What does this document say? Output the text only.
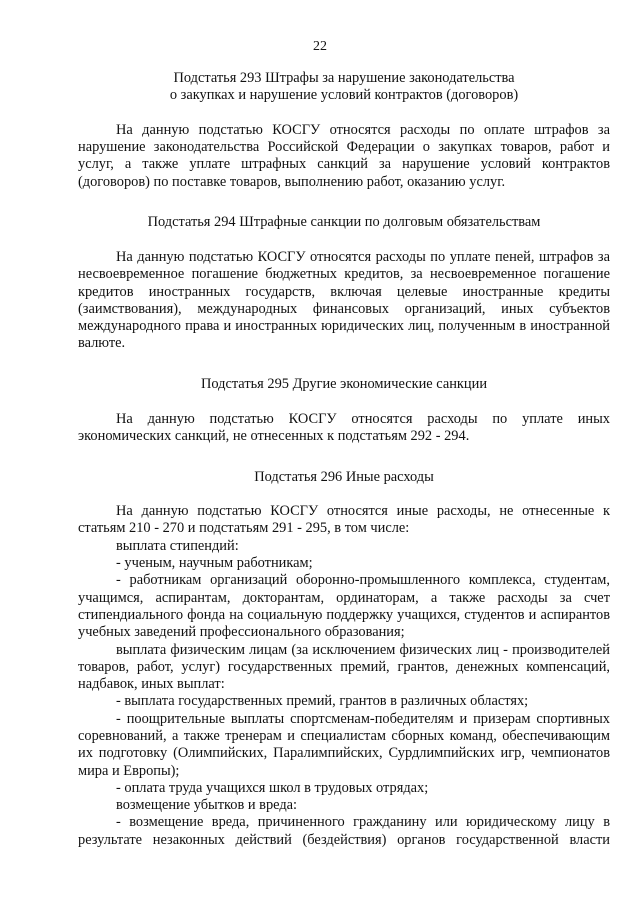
22
Подстатья 293 Штрафы за нарушение законодательства
о закупках и нарушение условий контрактов (договоров)

На данную подстатью КОСГУ относятся расходы по оплате штрафов за нарушение законодательства Российской Федерации о закупках товаров, работ и услуг, а также уплате штрафных санкций за нарушение условий контрактов (договоров) по поставке товаров, выполнению работ, оказанию услуг.

Подстатья 294 Штрафные санкции по долговым обязательствам

На данную подстатью КОСГУ относятся расходы по уплате пеней, штрафов за несвоевременное погашение бюджетных кредитов, за несвоевременное погашение кредитов иностранных государств, включая целевые иностранные кредиты (заимствования), международных финансовых организаций, иных субъектов международного права и иностранных юридических лиц, полученным в иностранной валюте.

Подстатья 295 Другие экономические санкции

На данную подстатью КОСГУ относятся расходы по уплате иных экономических санкций, не отнесенных к подстатьям 292 - 294.

Подстатья 296 Иные расходы

На данную подстатью КОСГУ относятся иные расходы, не отнесенные к статьям 210 - 270 и подстатьям 291 - 295, в том числе:

выплата стипендий:

- ученым, научным работникам;

- работникам организаций оборонно-промышленного комплекса, студентам, учащимся, аспирантам, докторантам, ординаторам, а также расходы за счет стипендиального фонда на социальную поддержку учащихся, студентов и аспирантов учебных заведений профессионального образования;

выплата физическим лицам (за исключением физических лиц - производителей товаров, работ, услуг) государственных премий, грантов, денежных компенсаций, надбавок, иных выплат:

- выплата государственных премий, грантов в различных областях;

- поощрительные выплаты спортсменам-победителям и призерам спортивных соревнований, а также тренерам и специалистам сборных команд, обеспечивающим их подготовку (Олимпийских, Паралимпийских, Сурдлимпийских игр, чемпионатов мира и Европы);

- оплата труда учащихся школ в трудовых отрядах;

возмещение убытков и вреда:

- возмещение вреда, причиненного гражданину или юридическому лицу в результате незаконных действий (бездействия) органов государственной власти
